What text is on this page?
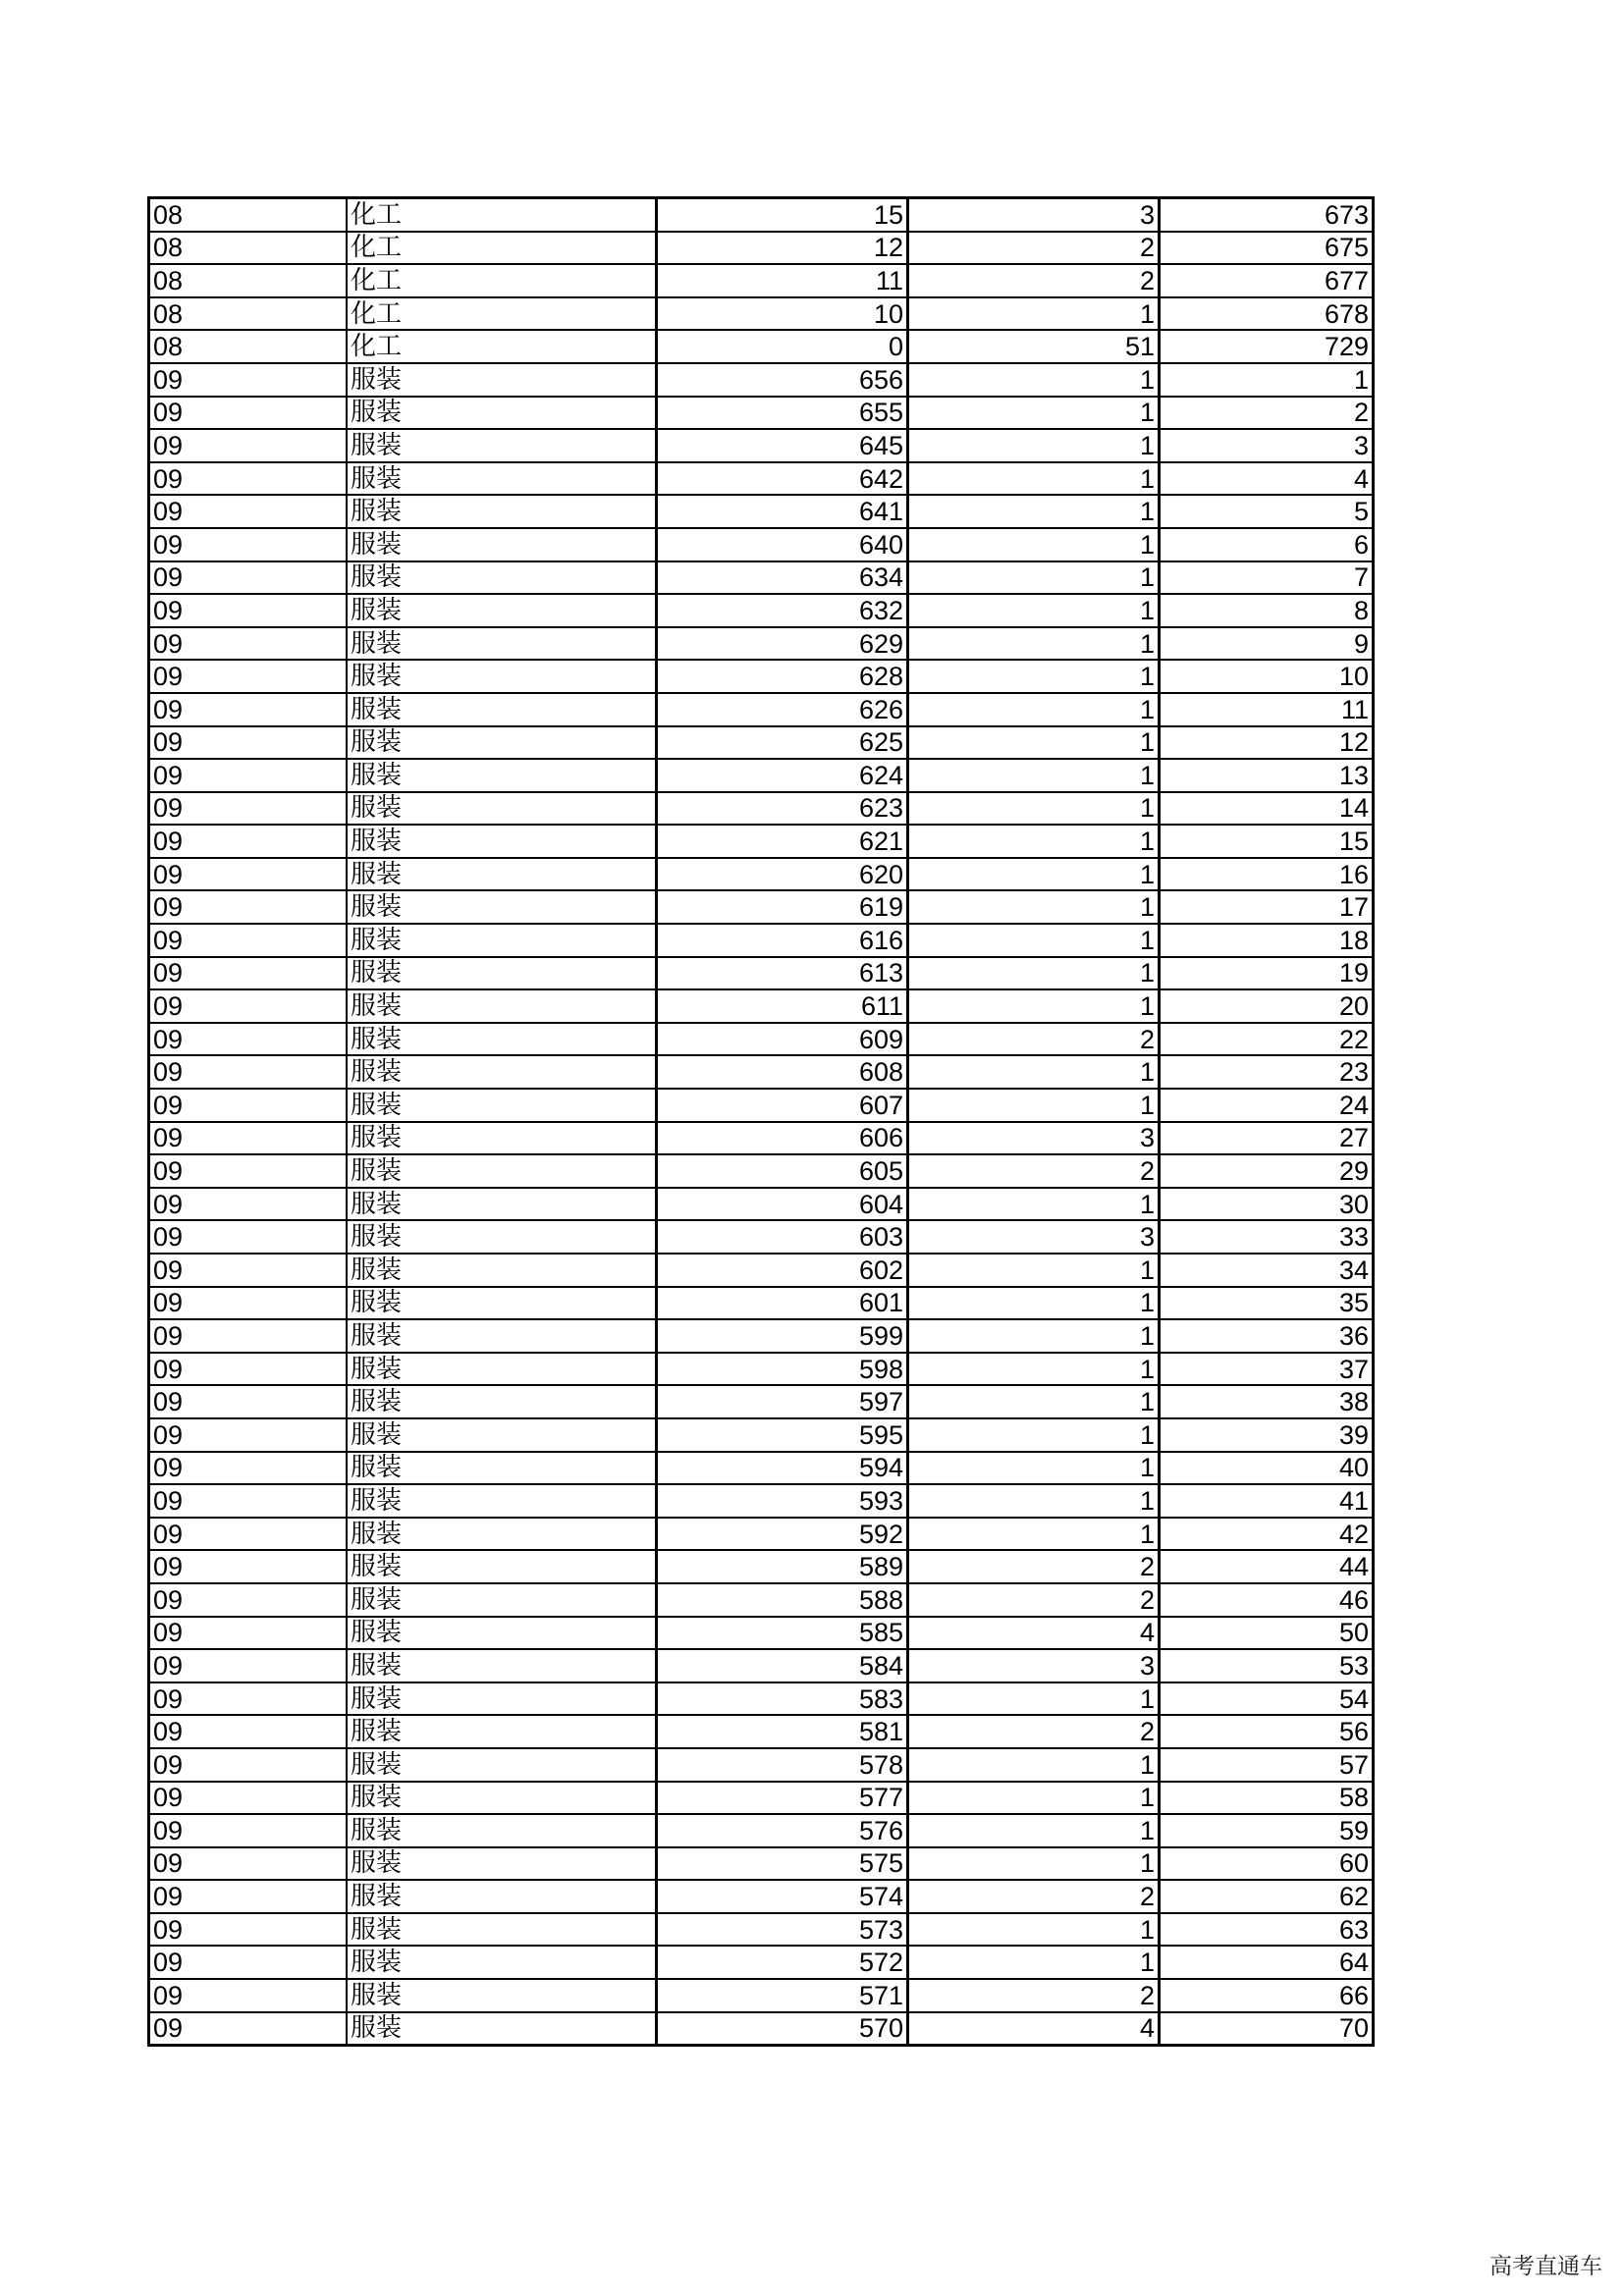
08	化工	15	3	673
08	化工	12	2	675
08	化工	11	2	677
08	化工	10	1	678
08	化工	0	51	729
09	服装	656	1	1
09	服装	655	1	2
09	服装	645	1	3
09	服装	642	1	4
09	服装	641	1	5
09	服装	640	1	6
09	服装	634	1	7
09	服装	632	1	8
09	服装	629	1	9
09	服装	628	1	10
09	服装	626	1	11
09	服装	625	1	12
09	服装	624	1	13
09	服装	623	1	14
09	服装	621	1	15
09	服装	620	1	16
09	服装	619	1	17
09	服装	616	1	18
09	服装	613	1	19
09	服装	611	1	20
09	服装	609	2	22
09	服装	608	1	23
09	服装	607	1	24
09	服装	606	3	27
09	服装	605	2	29
09	服装	604	1	30
09	服装	603	3	33
09	服装	602	1	34
09	服装	601	1	35
09	服装	599	1	36
09	服装	598	1	37
09	服装	597	1	38
09	服装	595	1	39
09	服装	594	1	40
09	服装	593	1	41
09	服装	592	1	42
09	服装	589	2	44
09	服装	588	2	46
09	服装	585	4	50
09	服装	584	3	53
09	服装	583	1	54
09	服装	581	2	56
09	服装	578	1	57
09	服装	577	1	58
09	服装	576	1	59
09	服装	575	1	60
09	服装	574	2	62
09	服装	573	1	63
09	服装	572	1	64
09	服装	571	2	66
09	服装	570	4	70
高考直通车
